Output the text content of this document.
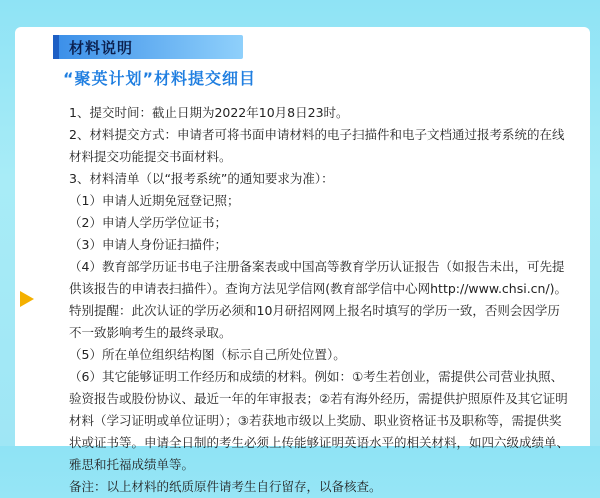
材料说明
“聚英计划”材料提交细目

1、提交时间：截止日期为2022年10月8日23时。

2、材料提交方式：申请者可将书面申请材料的电子扫描件和电子文档通过报考系统的在线材料提交功能提交书面材料。

3、材料清单（以“报考系统”的通知要求为准）：

（1）申请人近期免冠登记照；

（2）申请人学历学位证书；

（3）申请人身份证扫描件；

（4）教育部学历证书电子注册备案表或中国高等教育学历认证报告（如报告未出，可先提供该报告的申请表扫描件）。查询方法见学信网(教育部学信中心网http://www.chsi.cn/)。

特别提醒：此次认证的学历必须和10月研招网网上报名时填写的学历一致，否则会因学历不一致影响考生的最终录取。

（5）所在单位组织结构图（标示自己所处位置）。

（6）其它能够证明工作经历和成绩的材料。例如：①考生若创业，需提供公司营业执照、验资报告或股份协议、最近一年的年审报表；②若有海外经历，需提供护照原件及其它证明材料（学习证明或单位证明）；③若获地市级以上奖励、职业资格证书及职称等，需提供奖状或证书等。申请全日制的考生必须上传能够证明英语水平的相关材料，如四六级成绩单、雅思和托福成绩单等。

备注：以上材料的纸质原件请考生自行留存，以备核查。
